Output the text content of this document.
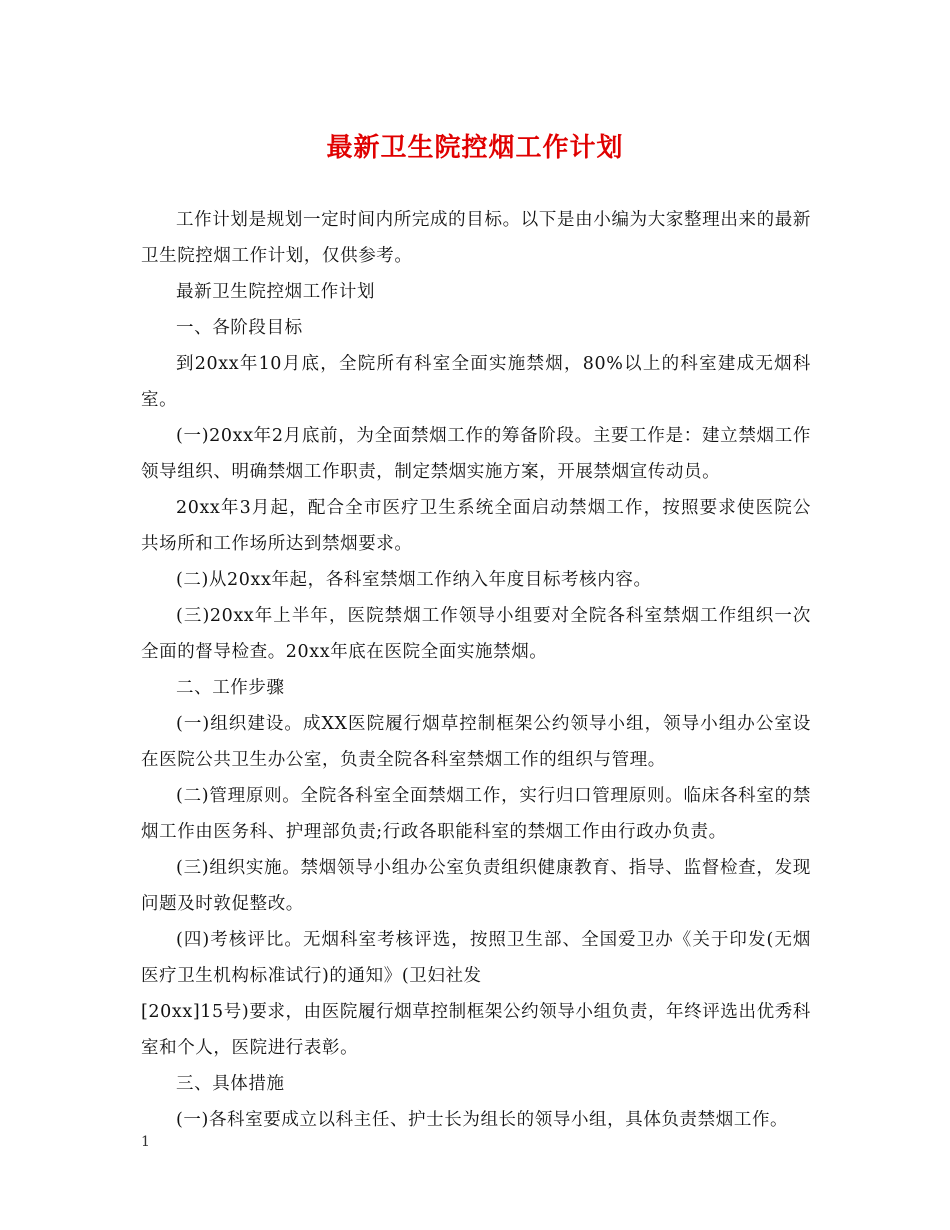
最新卫生院控烟工作计划

工作计划是规划一定时间内所完成的目标。以下是由小编为大家整理出来的最新卫生院控烟工作计划，仅供参考。

最新卫生院控烟工作计划

一、各阶段目标

到20xx年10月底，全院所有科室全面实施禁烟，80%以上的科室建成无烟科室。

(一)20xx年2月底前，为全面禁烟工作的筹备阶段。主要工作是：建立禁烟工作领导组织、明确禁烟工作职责，制定禁烟实施方案，开展禁烟宣传动员。

20xx年3月起，配合全市医疗卫生系统全面启动禁烟工作，按照要求使医院公共场所和工作场所达到禁烟要求。

(二)从20xx年起，各科室禁烟工作纳入年度目标考核内容。

(三)20xx年上半年，医院禁烟工作领导小组要对全院各科室禁烟工作组织一次全面的督导检查。20xx年底在医院全面实施禁烟。

二、工作步骤

(一)组织建设。成XX医院履行烟草控制框架公约领导小组，领导小组办公室设在医院公共卫生办公室，负责全院各科室禁烟工作的组织与管理。

(二)管理原则。全院各科室全面禁烟工作，实行归口管理原则。临床各科室的禁烟工作由医务科、护理部负责;行政各职能科室的禁烟工作由行政办负责。

(三)组织实施。禁烟领导小组办公室负责组织健康教育、指导、监督检查，发现问题及时敦促整改。

(四)考核评比。无烟科室考核评选，按照卫生部、全国爱卫办《关于印发(无烟医疗卫生机构标准试行)的通知》(卫妇社发

[20xx]15号)要求，由医院履行烟草控制框架公约领导小组负责，年终评选出优秀科室和个人，医院进行表彰。

三、具体措施

(一)各科室要成立以科主任、护士长为组长的领导小组，具体负责禁烟工作。

1
